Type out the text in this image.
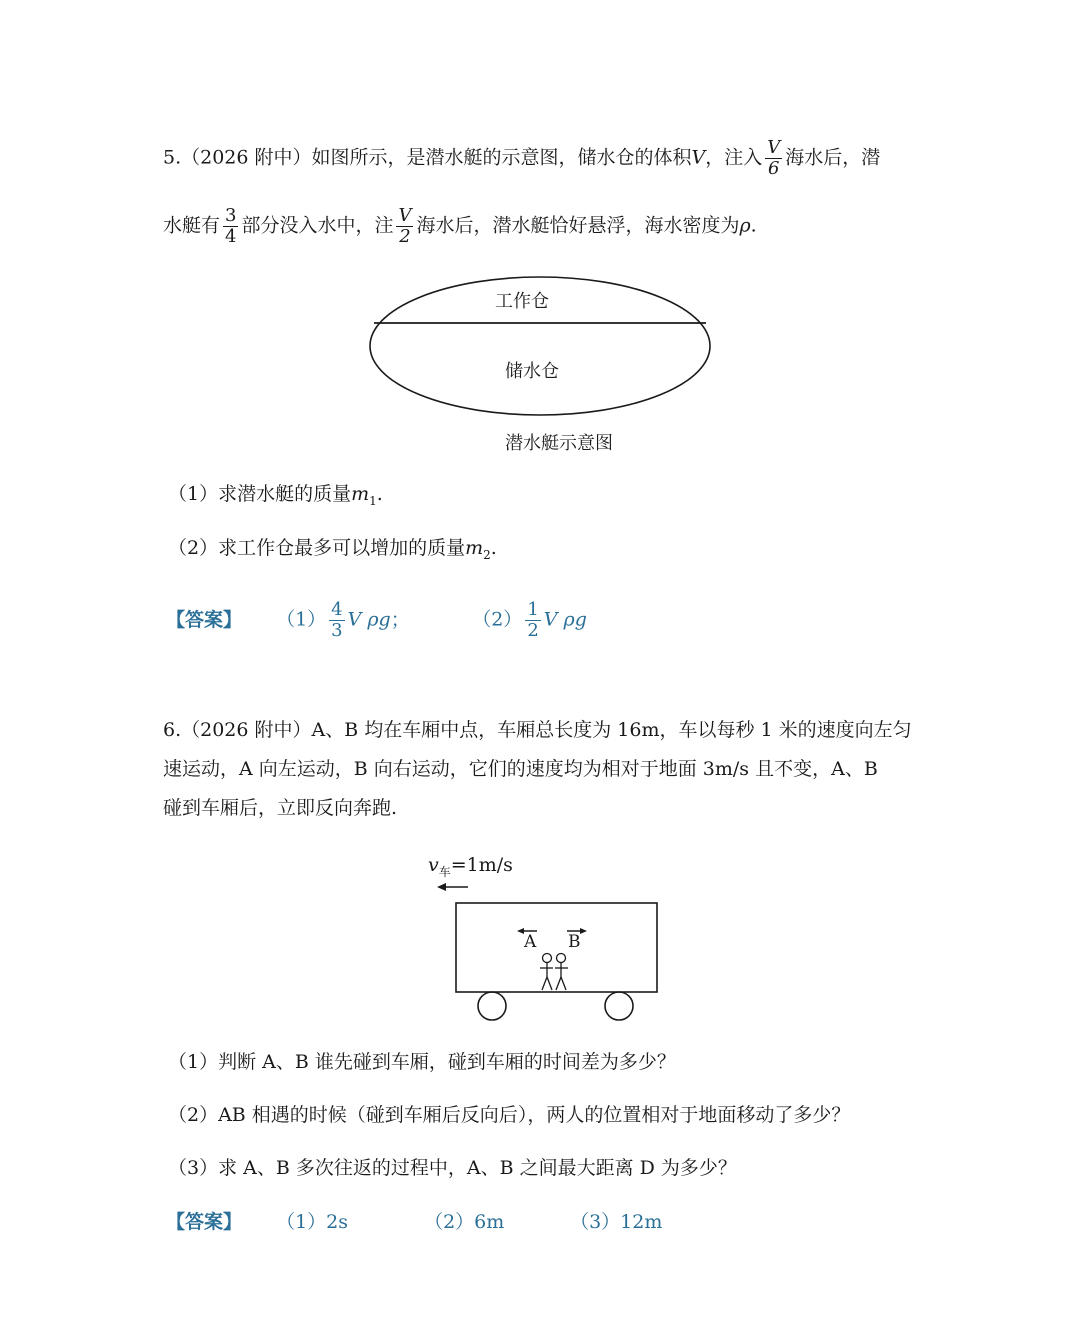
5.（2026 附中）如图所示，是潜水艇的示意图，储水仓的体积V，注入 $\frac{V}{6}$ 海水后，潜
水艇有 $\frac{3}{4}$ 部分没入水中，注 $\frac{V}{2}$ 海水后，潜水艇恰好悬浮，海水密度为ρ.
工作仓
储水仓
潜水艇示意图
（1）求潜水艇的质量$m_1$.
（2）求工作仓最多可以增加的质量$m_2$.
【答案】 $(1) \frac{4}{3}$ V ρg；	$(2) \frac{1}{2}$ V ρg
6.（2026 附中）A、B 均在车厢中点，车厢总长度为 16m，车以每秒 1 米的速度向左匀
速运动，A 向左运动，B 向右运动，它们的速度均为相对于地面 3m/s 且不变，A、B
碰到车厢后，立即反向奔跑.
$v_车=1m/s$
A B
（1）判断 A、B 谁先碰到车厢，碰到车厢的时间差为多少？
（2）AB 相遇的时候（碰到车厢后反向后），两人的位置相对于地面移动了多少？
（3）求 A、B 多次往返的过程中，A、B 之间最大距离 D 为多少？
【答案】 （1）2s	（2）6m	（3）12m
